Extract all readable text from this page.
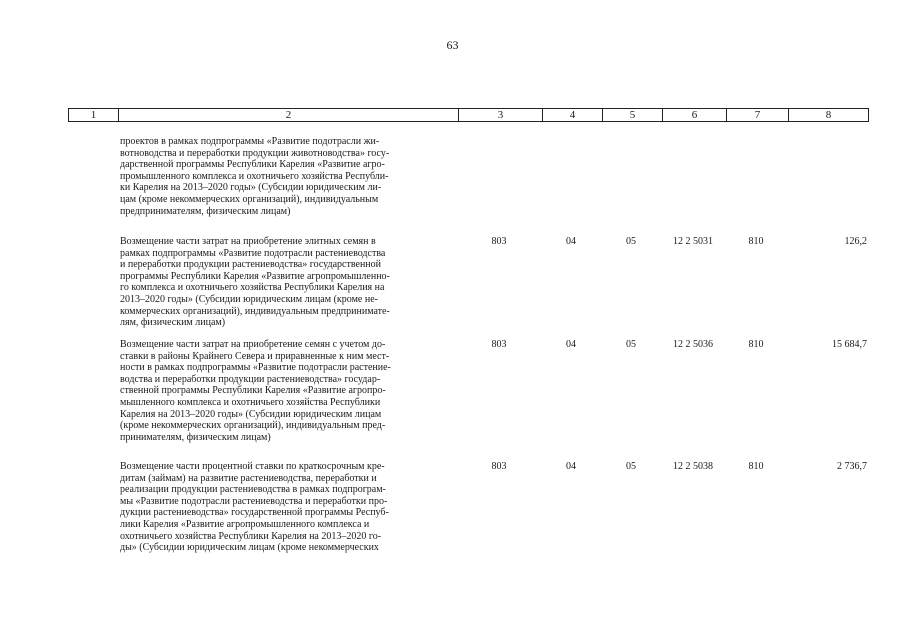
63
1	2	3	4	5	6	7	8
проектов в рамках подпрограммы «Развитие подотрасли жи-
вотноводства и переработки продукции животноводства» госу-
дарственной программы Республики Карелия «Развитие агро-
промышленного комплекса и охотничьего хозяйства Республи-
ки Карелия на 2013–2020 годы» (Субсидии юридическим ли-
цам (кроме некоммерческих организаций), индивидуальным
предпринимателям, физическим лицам)
Возмещение части затрат на приобретение элитных семян в
рамках подпрограммы «Развитие подотрасли растениеводства
и переработки продукции растениеводства» государственной
программы Республики Карелия «Развитие агропромышленно-
го комплекса и охотничьего хозяйства Республики Карелия на
2013–2020 годы» (Субсидии юридическим лицам (кроме не-
коммерческих организаций), индивидуальным предпринимате-
лям, физическим лицам)
803	04	05	12 2 5031	810	126,2
Возмещение части затрат на приобретение семян с учетом до-
ставки в районы Крайнего Севера и приравненные к ним мест-
ности в рамках подпрограммы «Развитие подотрасли растение-
водства и переработки продукции растениеводства» государ-
ственной программы Республики Карелия «Развитие агропро-
мышленного комплекса и охотничьего хозяйства Республики
Карелия на 2013–2020 годы» (Субсидии юридическим лицам
(кроме некоммерческих организаций), индивидуальным пред-
принимателям, физическим лицам)
803	04	05	12 2 5036	810	15 684,7
Возмещение части процентной ставки по краткосрочным кре-
дитам (займам) на развитие растениеводства, переработки и
реализации продукции растениеводства в рамках подпрограм-
мы «Развитие подотрасли растениеводства и переработки про-
дукции растениеводства» государственной программы Респуб-
лики Карелия «Развитие агропромышленного комплекса и
охотничьего хозяйства Республики Карелия на 2013–2020 го-
ды» (Субсидии юридическим лицам (кроме некоммерческих
803	04	05	12 2 5038	810	2 736,7
